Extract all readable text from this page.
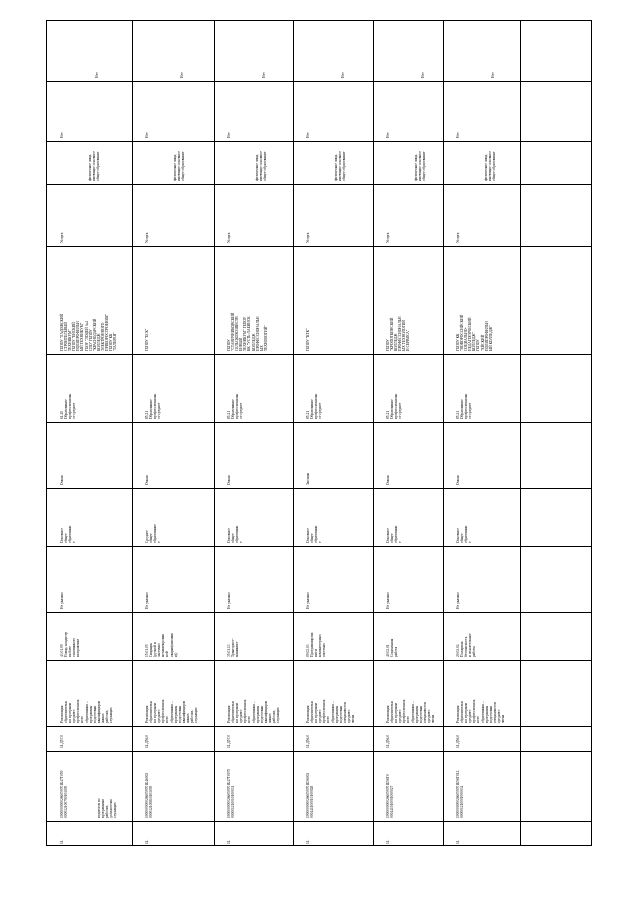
11.
1900000000266059701Б47Т059
000012100790101005
11.Д57.0
Реализация
образовательн
ых программ
среднего
профессиональ
ного
образования –
программы
подготовки
квалифициров
анных
рабочих,
служащих
43.01.09
Повар, кондитер
на базе
основанного
на практике
Не указано
Основное
общее
образовани
е
Очная
Услуга
61.20
Образование
профессиональн
ое среднее
ГБПОУ "ЛАДОЖСКИЙ
СТРОИТЕЛЬНЫЙ
ТЕХНИКУМ"
ГБПОУ "ЕЙСКИЙ
ПОЛИПРОФИЛЬН
ЫЙ ТЕХНИКУМ"
ГБОУ "ЛОЦЕЙ №4
СПО" ГБПОУ
"КРАСНОДАРСКИЙ
КОЛЛЕДЖ
ЭЛЕКТРОННОГО
ПРИБОРОСТРОЕНИЯ"
ГБПОУ КК
"ГАЛЕРЕЯ"
физические лица,
имеющие основное
общее образование
Нет
Нет
11.
1900000000266059701Б46002
000012100810101005
11.Д56.0
Реализация
образовательн
ых программ
среднего
профессиональ
ного
образования –
программы
подготовки
квалифициров
анных
рабочих,
служащих
15.01.05
Сварщик
(ручной и
частично
механизирован
ной
сварки(наплавк
и))
Не указано
Среднее
общее
образование
е
Очная
Услуга
85.21
Образование
профессиональн
ое среднее
ГБПОУ "БСК"
физические лица,
имеющие основное
общее образование
Нет
Нет
11.
1900000000266059701Б47Т0075
000001210010100031
11.Д57.0
Реализация
образовательн
ых программ
среднего
профессиональ
ного
образования –
программы
подготовки
квалифициров
анных
рабочих,
служащих
35.01.13
Тракторист-
машинист
Не указано
Основное
общее
образовани
е
Очная
Услуга
85.21
Образование
профессиональн
ое среднее
ГБПОУ
"СТАНИЧНИКОВСКИЙ
СЕЛЬСКОХОЗЯЙСТВ
ЕННЫЙ
ТЕХНИКУМ" ГБПОУ
КК "УСТЬ-ЛАБИНСК
КОЛЛЕДЖ
ПРОФЕССИОНАЛЬН
ЫХ
ТЕХНОЛОГИЙ"
физические лица,
имеющие основное
общее образование
Нет
Нет
11.
1900000000266059701Б56002
000441100010100028
11.Д56.0
Реализация
образовательн
ых программ
среднего
профессиональ
ного
образования –
программы
подготовки
специалистов
среднего
звена
09.02.03
Программирова
ние в
компьютерных
системах
Не указано
Основное
общее
образовани
е
Заочная
Услуга
85.21
Образование
профессиональн
ое среднее
ГБПОУ "КТК"
физические лица,
имеющие основное
общее образование
Нет
Нет
11.
1900000000266059701Б56Т0
000441010001000027
11.Д56.0
Реализация
образовательн
ых программ
среднего
профессиональ
ного
образования –
программы
подготовки
специалистов
среднего
звена
40.02.01
Социальная
работа
Не указано
Основное
общее
образовани
е
Очная
Услуга
85.21
Образование
профессиональн
ое среднее
ГБПОУ
"КРОПОТКИНСКИЙ
КОЛЛЕДЖ
ПРОФЕССИОНАЛЬН
ЫХ ТЕХНОЛОГИЙ
И СЕРВИСА"
физические лица,
имеющие основное
общее образование
Нет
Нет
11.
1900000000266059701Б56Т012
000001210001000034
11.Д56.0
Реализация
образовательн
ых программ
среднего
профессиональ
ного
образования –
программы
подготовки
специалистов
среднего
звена
20.02.04
Пожарная
безопасность
и спасательные
работы
Не указано
Основное
общее
образовани
е
Очная
Услуга
85.21
Образование
профессиональн
ое среднее
ГБПОУ КК
"НОВОРОССИЙСКИЙ
СОЦИАЛЬНО-
ПЕДАГОГИЧЕСКИЙ
КОЛЛЕДЖ"
ГБПОУ
"ЕЙСКИЙ
ПОЛИПРОФИЛЬН
ЫЙ КОЛЛЕДЖ"
физические лица,
имеющие основное
общее образование
Нет
Нет
педагогов по
программам
рабочих,
должностям
служащих
